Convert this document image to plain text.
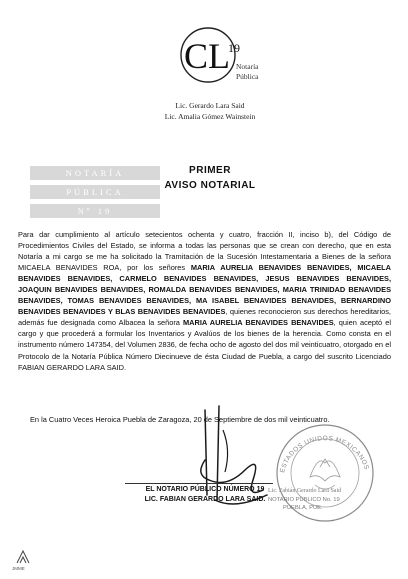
CL
19
Notaría
Pública
Lic. Gerardo Lara Said
Lic. Amalia Gómez Wainstein
NOTARÍA
PÚBLICA
Nº 19
PRIMER
AVISO NOTARIAL
Para dar cumplimiento al artículo setecientos ochenta y cuatro, fracción II, inciso b), del Código de Procedimientos Civiles del Estado, se informa a todas las personas que se crean con derecho, que en esta Notaría a mi cargo se me ha solicitado la Tramitación de la Sucesión Intestamentaria a Bienes de la señora MICAELA BENAVIDES ROA, por los señores MARIA AURELIA BENAVIDES BENAVIDES, MICAELA BENAVIDES BENAVIDES, CARMELO BENAVIDES BENAVIDES, JESUS BENAVIDES BENAVIDES, JOAQUIN BENAVIDES BENAVIDES, ROMALDA BENAVIDES BENAVIDES, MARIA TRINIDAD BENAVIDES BENAVIDES, TOMAS BENAVIDES BENAVIDES, MA ISABEL BENAVIDES BENAVIDES, BERNARDINO BENAVIDES BENAVIDES Y BLAS BENAVIDES BENAVIDES, quienes reconocieron sus derechos hereditarios, además fue designada como Albacea la señora MARIA AURELIA BENAVIDES BENAVIDES, quien aceptó el cargo y que procederá a formular los Inventarios y Avalúos de los bienes de la herencia. Como consta en el instrumento número 147354, del Volumen 2836, de fecha ocho de agosto del dos mil veinticuatro, otorgado en el Protocolo de la Notaría Pública Número Diecinueve de ésta Ciudad de Puebla, a cargo del suscrito Licenciado FABIAN GERARDO LARA SAID.
En la Cuatro Veces Heroica Puebla de Zaragoza, 20 de Septiembre de dos mil veinticuatro.
ESTADOS UNIDOS MEXICANOS
Lic. Fabián Gerardo Lara Said
NOTARIO PÚBLICO No. 19
PUEBLA, PUE.
EL NOTARIO PÚBLICO NÚMERO 19
LIC. FABIAN GERARDO LARA SAID.
JMME
